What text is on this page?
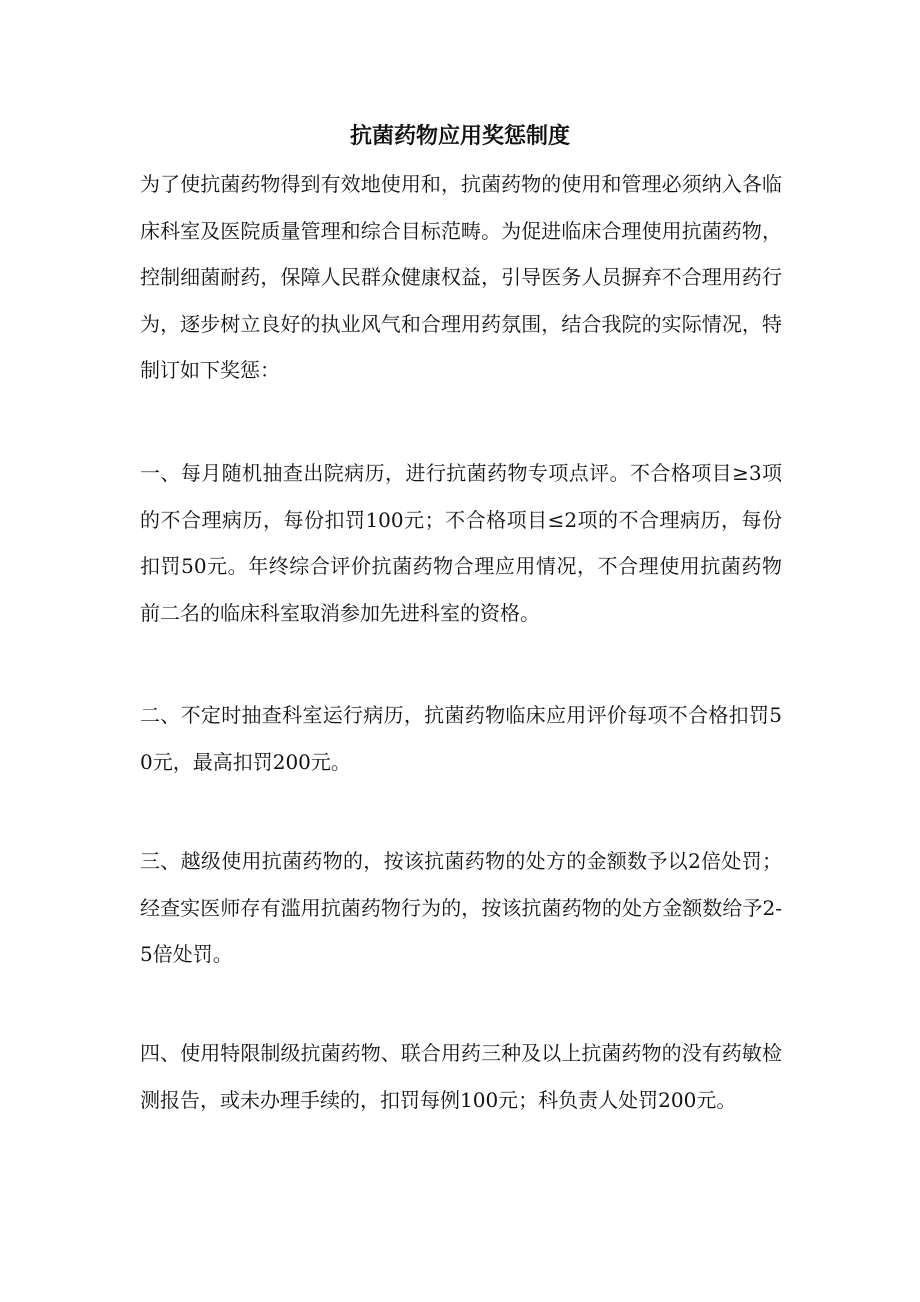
抗菌药物应用奖惩制度

为了使抗菌药物得到有效地使用和，抗菌药物的使用和管理必须纳入各临床科室及医院质量管理和综合目标范畴。为促进临床合理使用抗菌药物，控制细菌耐药，保障人民群众健康权益，引导医务人员摒弃不合理用药行为，逐步树立良好的执业风气和合理用药氛围，结合我院的实际情况，特制订如下奖惩：

一、每月随机抽查出院病历，进行抗菌药物专项点评。不合格项目≥3项的不合理病历，每份扣罚100元；不合格项目≤2项的不合理病历，每份扣罚50元。年终综合评价抗菌药物合理应用情况，不合理使用抗菌药物前二名的临床科室取消参加先进科室的资格。

二、不定时抽查科室运行病历，抗菌药物临床应用评价每项不合格扣罚50元，最高扣罚200元。

三、越级使用抗菌药物的，按该抗菌药物的处方的金额数予以2倍处罚；经查实医师存有滥用抗菌药物行为的，按该抗菌药物的处方金额数给予2-5倍处罚。

四、使用特限制级抗菌药物、联合用药三种及以上抗菌药物的没有药敏检测报告，或未办理手续的，扣罚每例100元；科负责人处罚200元。
